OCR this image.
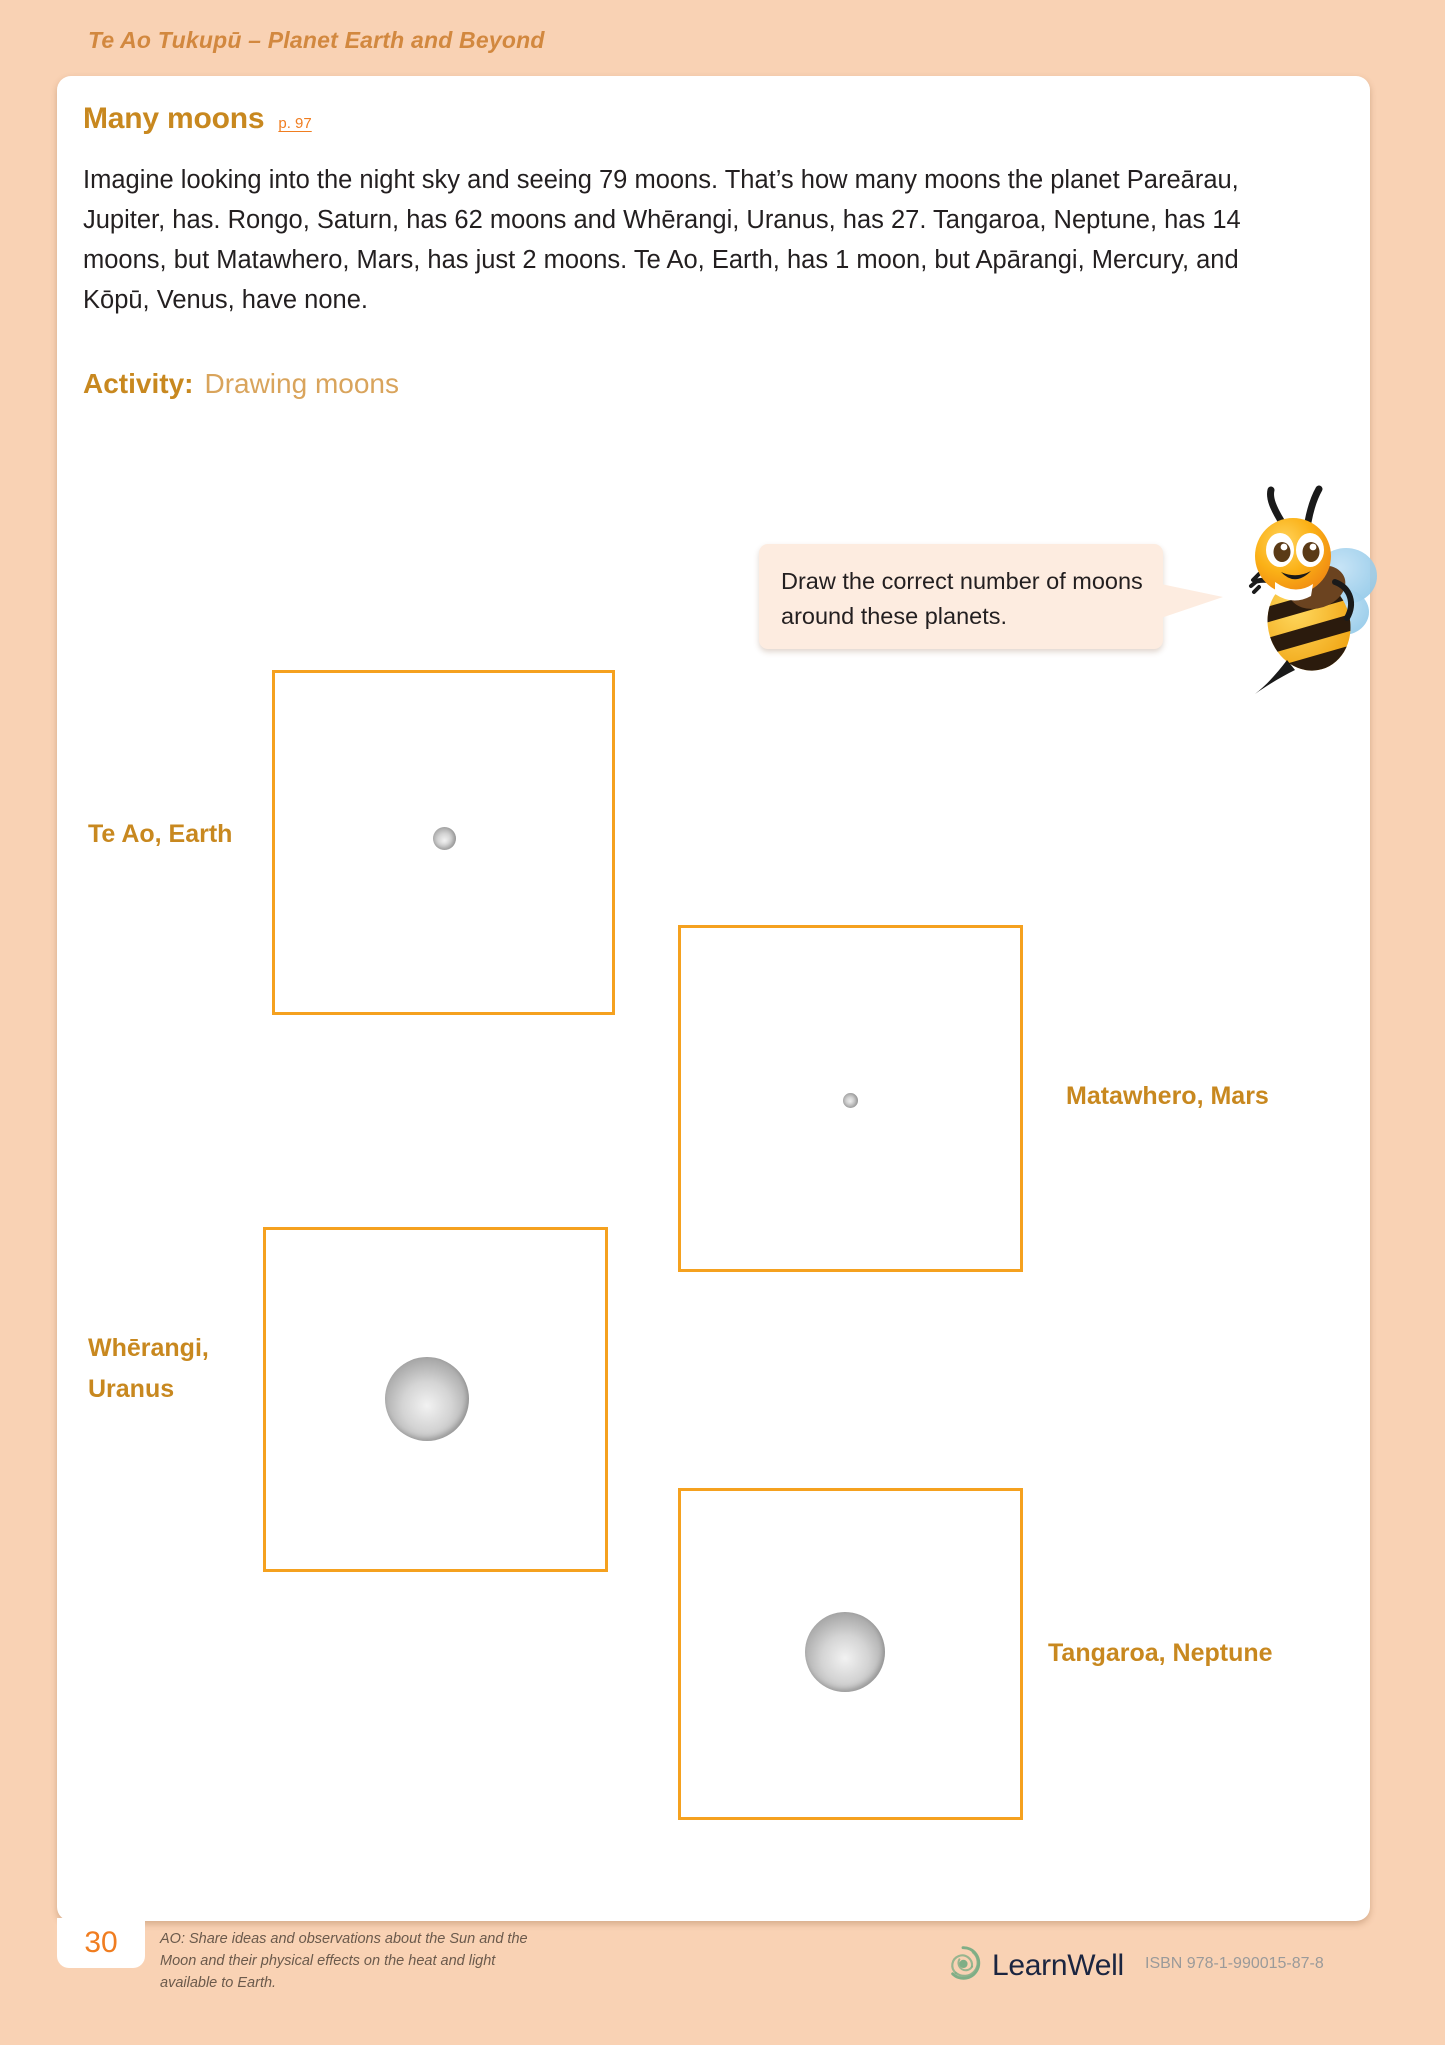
Te Ao Tukupū – Planet Earth and Beyond
Many moons p. 97

Imagine looking into the night sky and seeing 79 moons. That’s how many moons the planet Pareārau, Jupiter, has. Rongo, Saturn, has 62 moons and Whērangi, Uranus, has 27. Tangaroa, Neptune, has 14 moons, but Matawhero, Mars, has just 2 moons. Te Ao, Earth, has 1 moon, but Apārangi, Mercury, and Kōpū, Venus, have none.

Activity: Drawing moons
Draw the correct number of moons around these planets.
Te Ao, Earth
Matawhero, Mars
Whērangi,
Uranus
Tangaroa, Neptune
30	AO: Share ideas and observations about the Sun and the Moon and their physical effects on the heat and light available to Earth.
LearnWell ISBN 978-1-990015-87-8
